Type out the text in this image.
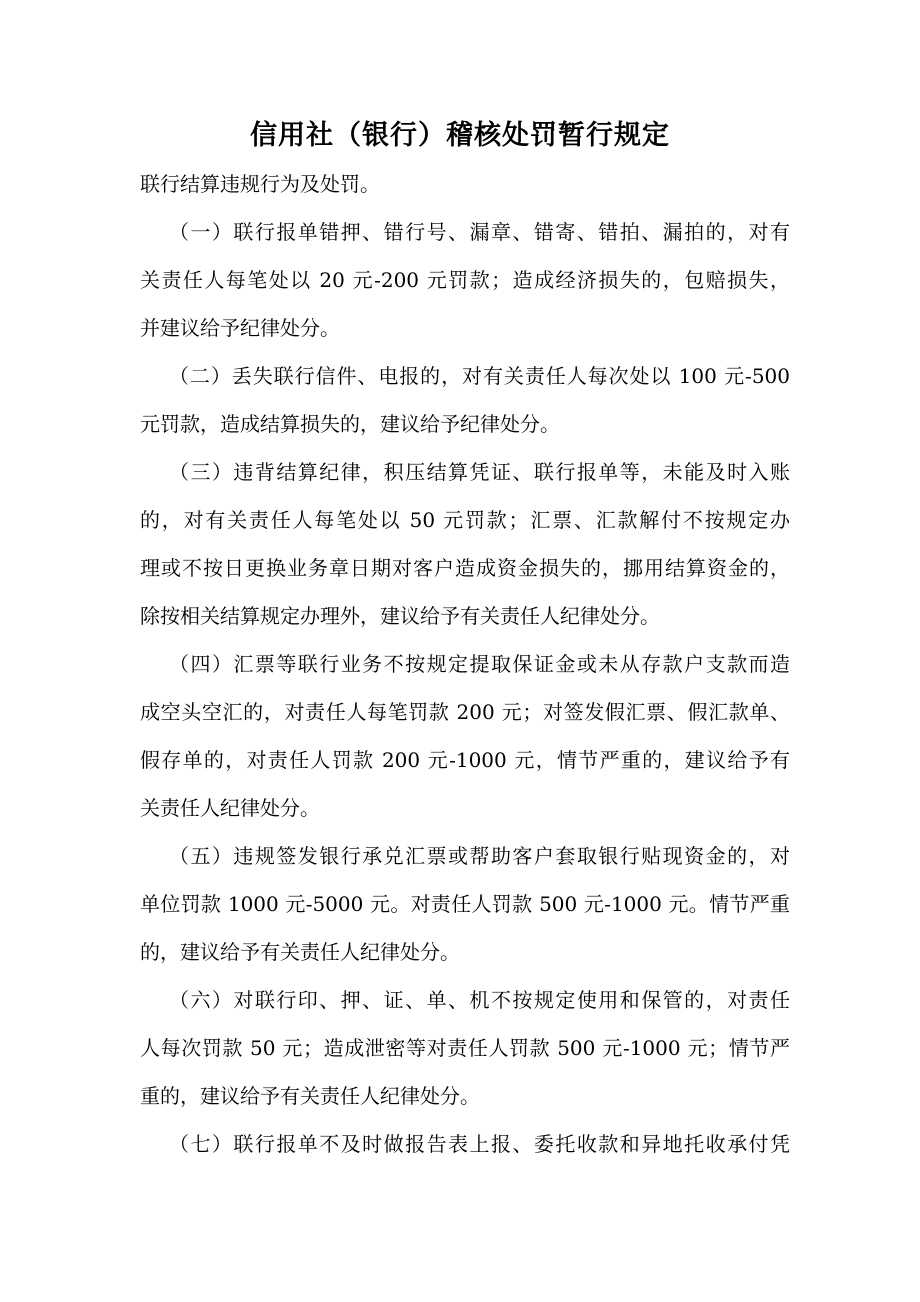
信用社（银行）稽核处罚暂行规定
联行结算违规行为及处罚。
（一）联行报单错押、错行号、漏章、错寄、错拍、漏拍的，对有
关责任人每笔处以 20 元-200 元罚款；造成经济损失的，包赔损失，
并建议给予纪律处分。
（二）丢失联行信件、电报的，对有关责任人每次处以 100 元-500
元罚款，造成结算损失的，建议给予纪律处分。
（三）违背结算纪律，积压结算凭证、联行报单等，未能及时入账
的，对有关责任人每笔处以 50 元罚款；汇票、汇款解付不按规定办
理或不按日更换业务章日期对客户造成资金损失的，挪用结算资金的，
除按相关结算规定办理外，建议给予有关责任人纪律处分。
（四）汇票等联行业务不按规定提取保证金或未从存款户支款而造
成空头空汇的，对责任人每笔罚款 200 元；对签发假汇票、假汇款单、
假存单的，对责任人罚款 200 元-1000 元，情节严重的，建议给予有
关责任人纪律处分。
（五）违规签发银行承兑汇票或帮助客户套取银行贴现资金的，对
单位罚款 1000 元-5000 元。对责任人罚款 500 元-1000 元。情节严重
的，建议给予有关责任人纪律处分。
（六）对联行印、押、证、单、机不按规定使用和保管的，对责任
人每次罚款 50 元；造成泄密等对责任人罚款 500 元-1000 元；情节严
重的，建议给予有关责任人纪律处分。
（七）联行报单不及时做报告表上报、委托收款和异地托收承付凭
